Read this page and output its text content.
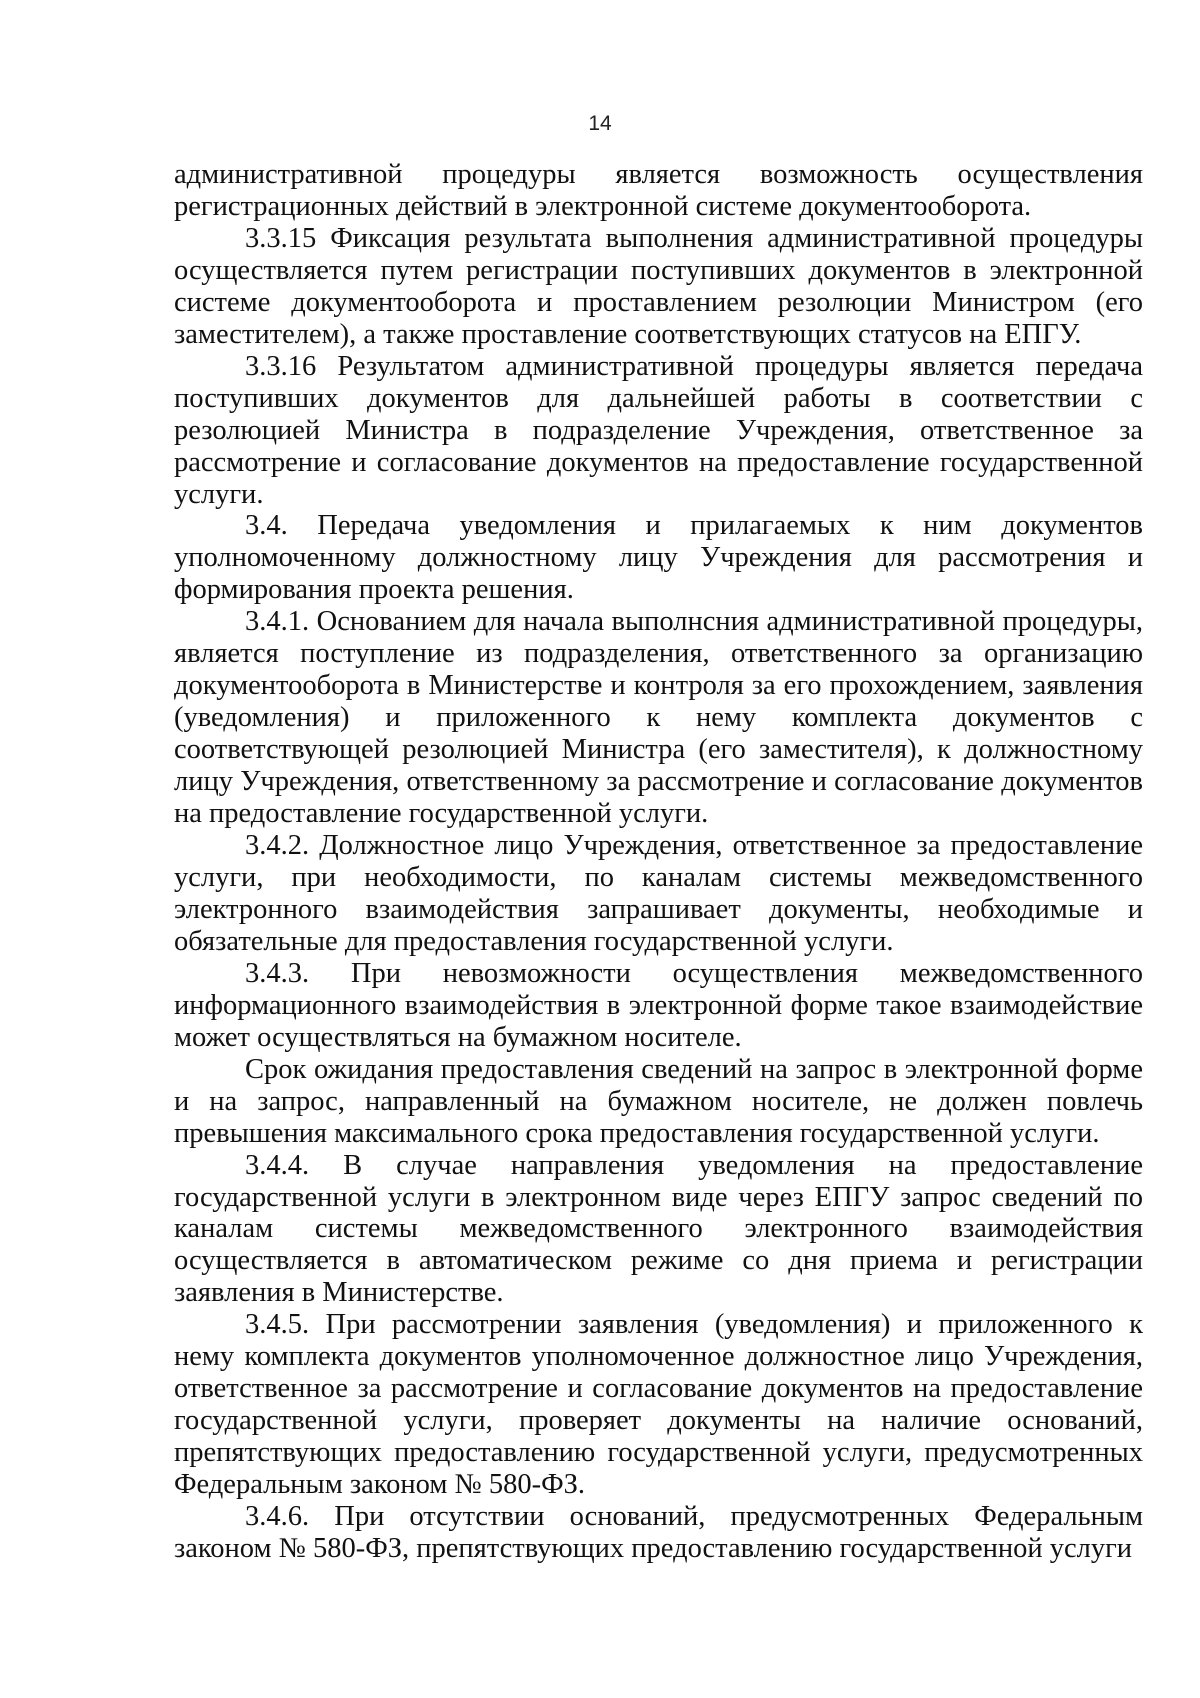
14

административной процедуры является возможность осуществления регистрационных действий в электронной системе документооборота.

3.3.15 Фиксация результата выполнения административной процедуры осуществляется путем регистрации поступивших документов в электронной системе документооборота и проставлением резолюции Министром (его заместителем), а также проставление соответствующих статусов на ЕПГУ.

3.3.16 Результатом административной процедуры является передача поступивших документов для дальнейшей работы в соответствии с резолюцией Министра в подразделение Учреждения, ответственное за рассмотрение и согласование документов на предоставление государственной услуги.

3.4. Передача уведомления и прилагаемых к ним документов уполномоченному должностному лицу Учреждения для рассмотрения и формирования проекта решения.

3.4.1. Основанием для начала выполнсния административной процедуры, является поступление из подразделения, ответственного за организацию документооборота в Министерстве и контроля за его прохождением, заявления (уведомления) и приложенного к нему комплекта документов с соответствующей резолюцией Министра (его заместителя), к должностному лицу Учреждения, ответственному за рассмотрение и согласование документов на предоставление государственной услуги.

3.4.2. Должностное лицо Учреждения, ответственное за предоставление услуги, при необходимости, по каналам системы межведомственного электронного взаимодействия запрашивает документы, необходимые и обязательные для предоставления государственной услуги.

3.4.3. При невозможности осуществления межведомственного информационного взаимодействия в электронной форме такое взаимодействие может осуществляться на бумажном носителе.

Срок ожидания предоставления сведений на запрос в электронной форме и на запрос, направленный на бумажном носителе, не должен повлечь превышения максимального срока предоставления государственной услуги.

3.4.4. В случае направления уведомления на предоставление государственной услуги в электронном виде через ЕПГУ запрос сведений по каналам системы межведомственного электронного взаимодействия осуществляется в автоматическом режиме со дня приема и регистрации заявления в Министерстве.

3.4.5. При рассмотрении заявления (уведомления) и приложенного к нему комплекта документов уполномоченное должностное лицо Учреждения, ответственное за рассмотрение и согласование документов на предоставление государственной услуги, проверяет документы на наличие оснований, препятствующих предоставлению государственной услуги, предусмотренных Федеральным законом № 580-ФЗ.

3.4.6. При отсутствии оснований, предусмотренных Федеральным законом № 580-ФЗ, препятствующих предоставлению государственной услуги
